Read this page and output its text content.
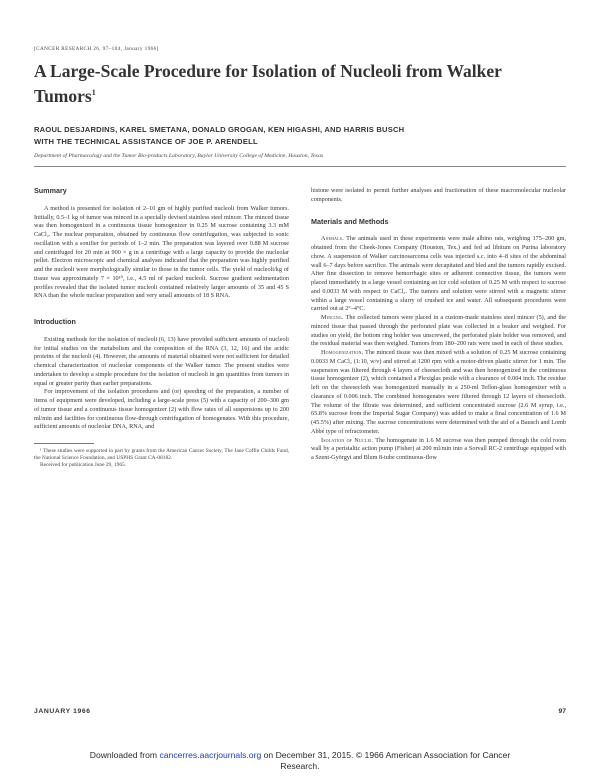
[CANCER RESEARCH 26, 97–104, January 1966]
A Large-Scale Procedure for Isolation of Nucleoli from Walker Tumors$^1$
RAOUL DESJARDINS, KAREL SMETANA, DONALD GROGAN, KEN HIGASHI, AND HARRIS BUSCH
WITH THE TECHNICAL ASSISTANCE OF JOE P. ARENDELL
Department of Pharmacology and the Tumor Bio-products Laboratory, Baylor University College of Medicine, Houston, Texas
Summary

A method is presented for isolation of 2–10 gm of highly purified nucleoli from Walker tumors. Initially, 0.5–1 kg of tumor was minced in a specially devised stainless steel mincer. The minced tissue was then homogenized in a continuous tissue homogenizer in 0.25 M sucrose containing 3.3 mM CaCl₂. The nuclear preparation, obtained by continuous flow centrifugation, was subjected to sonic oscillation with a sonifier for periods of 1–2 min. The preparation was layered over 0.88 M sucrose and centrifuged for 20 min at 900 × g in a centrifuge with a large capacity to provide the nucleolar pellet. Electron microscopic and chemical analyses indicated that the preparation was highly purified and the nucleoli were morphologically similar to those in the tumor cells. The yield of nucleoli/kg of tissue was approximately 7 × 10¹⁰, i.e., 4.5 ml of packed nucleoli. Sucrose gradient sedimentation profiles revealed that the isolated tumor nucleoli contained relatively larger amounts of 35 and 45 S RNA than the whole nuclear preparation and very small amounts of 18 S RNA.

Introduction

Existing methods for the isolation of nucleoli (6, 13) have provided sufficient amounts of nucleoli for initial studies on the metabolism and the composition of the RNA (3, 12, 16) and the acidic proteins of the nucleoli (4). However, the amounts of material obtained were not sufficient for detailed chemical characterization of nucleolar components of the Walker tumor. The present studies were undertaken to develop a simple procedure for the isolation of nucleoli in gm quantities from tumors in equal or greater purity than earlier preparations.

For improvement of the isolation procedures and (or) speeding of the preparation, a number of items of equipment were developed, including a large-scale press (5) with a capacity of 200–300 gm of tumor tissue and a continuous tissue homogenizer (2) with flow rates of all suspensions up to 200 ml/min and facilities for continuous flow-through centrifugation of homogenates. With this procedure, sufficient amounts of nucleolar DNA, RNA, and

¹ These studies were supported in part by grants from the American Cancer Society, The Jane Coffin Childs Fund, the National Science Foundation, and USPHS Grant CA-08182.

Received for publication June 29, 1965.

histone were isolated to permit further analyses and fractionation of these macromolecular nucleolar components.

Materials and Methods

Animals. The animals used in these experiments were male albino rats, weighing 175–200 gm, obtained from the Cheek-Jones Company (Houston, Tex.) and fed ad libitum on Purina laboratory chow. A suspension of Walker carcinosarcoma cells was injected s.c. into 4–8 sites of the abdominal wall 6–7 days before sacrifice. The animals were decapitated and bled and the tumors rapidly excised. After fine dissection to remove hemorrhagic sites or adherent connective tissue, the tumors were placed immediately in a large vessel containing an ice cold solution of 0.25 M with respect to sucrose and 0.0033 M with respect to CaCl₂. The tumors and solution were stirred with a magnetic stirrer within a large vessel containing a slurry of crushed ice and water. All subsequent procedures were carried out at 2°–4°C.

Mincing. The collected tumors were placed in a custom-made stainless steel mincer (5), and the minced tissue that passed through the perforated plate was collected in a beaker and weighed. For studies on yield, the bottom ring holder was unscrewed, the perforated plate holder was removed, and the residual material was then weighed. Tumors from 180–200 rats were used in each of these studies.

Homogenization. The minced tissue was then mixed with a solution of 0.25 M sucrose containing 0.0033 M CaCl₂ (1:10, w/v) and stirred at 1200 rpm with a motor-driven plastic stirrer for 1 min. The suspension was filtered through 4 layers of cheesecloth and was then homogenized in the continuous tissue homogenizer (2), which contained a Plexiglas pestle with a clearance of 0.004 inch. The residue left on the cheesecloth was homogenized manually in a 250-ml Teflon-glass homogenizer with a clearance of 0.006 inch. The combined homogenates were filtered through 12 layers of cheesecloth. The volume of the filtrate was determined, and sufficient concentrated sucrose (2.6 M syrup, i.e., 65.8% sucrose from the Imperial Sugar Company) was added to make a final concentration of 1.6 M (45.5%) after mixing. The sucrose concentrations were determined with the aid of a Bausch and Lomb Abbé type of refractometer.

Isolation of Nuclei. The homogenate in 1.6 M sucrose was then pumped through the cold room wall by a peristaltic action pump (Fisher) at 200 ml/min into a Sorvall RC-2 centrifuge equipped with a Szent-Györgyi and Blum 8-tube continuous-flow

JANUARY 1966	97
Downloaded from cancerres.aacrjournals.org on December 31, 2015. © 1966 American Association for Cancer
Research.
